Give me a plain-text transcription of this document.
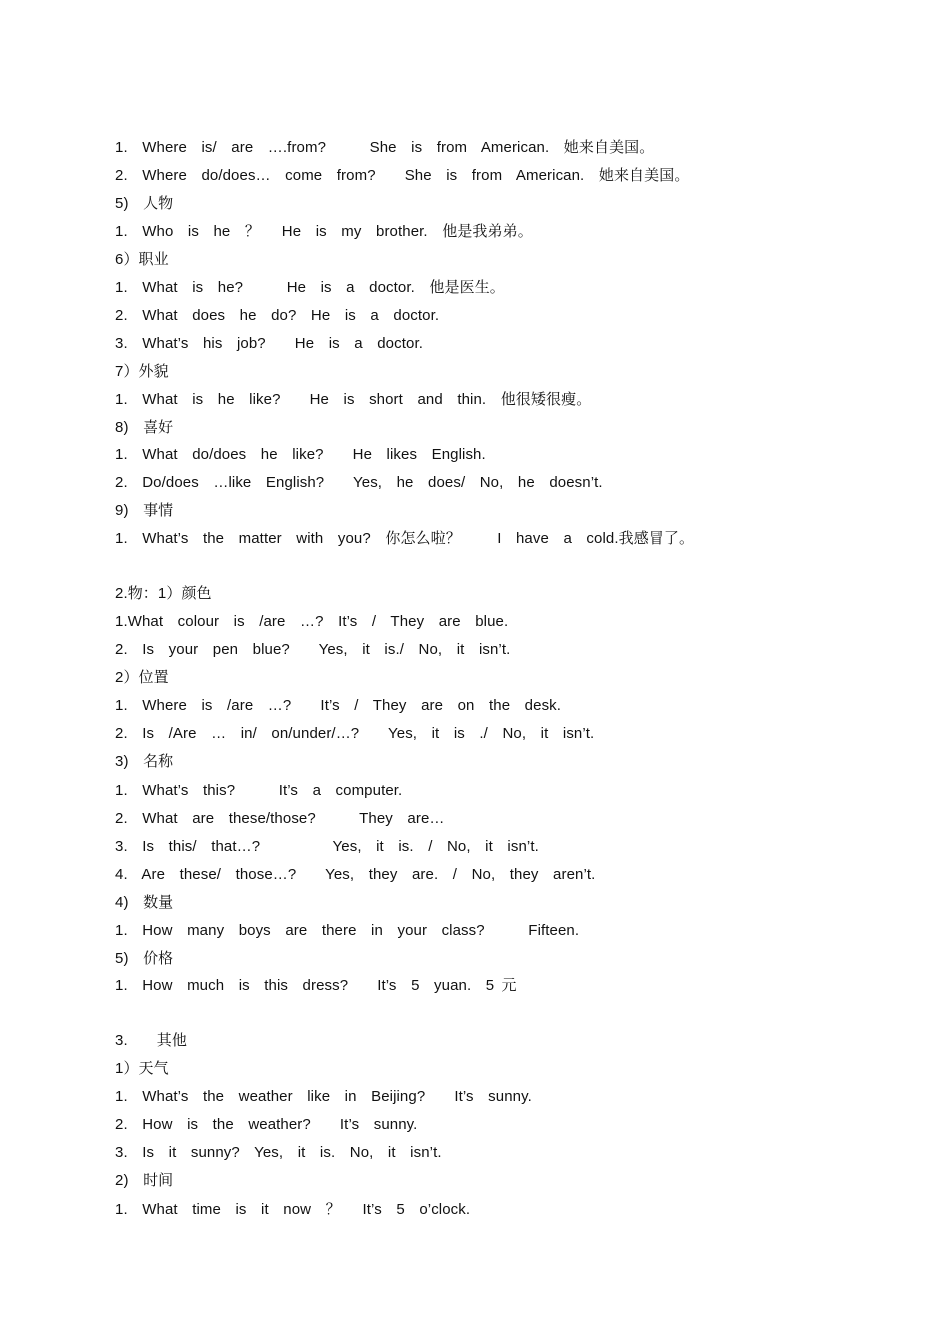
1.  Where  is/  are  ….from?      She  is  from  American.  她来自美国。
2.  Where  do/does…  come  from?    She  is  from  American.  她来自美国。
5)  人物
1.  Who  is  he  ？   He  is  my  brother.  他是我弟弟。
6）职业
1.  What  is  he?      He  is  a  doctor.  他是医生。
2.  What  does  he  do?  He  is  a  doctor.
3.  What’s  his  job?    He  is  a  doctor.
7）外貌
1.  What  is  he  like?    He  is  short  and  thin.  他很矮很瘦。
8)  喜好
1.  What  do/does  he  like?    He  likes  English.
2.  Do/does  …like  English?    Yes,  he  does/  No,  he  doesn’t.
9)  事情
1.  What’s  the  matter  with  you?  你怎么啦？     I  have  a  cold.我感冒了。
2.物：1）颜色
1.What  colour  is  /are  …?  It’s  /  They  are  blue.
2.  Is  your  pen  blue?    Yes,  it  is./  No,  it  isn’t.
2）位置
1.  Where  is  /are  …?    It’s  /  They  are  on  the  desk.
2.  Is  /Are  …  in/  on/under/…?    Yes,  it  is  ./  No,  it  isn’t.
3)  名称
1.  What’s  this?      It’s  a  computer.
2.  What  are  these/those?      They  are…
3.  Is  this/  that…?          Yes,  it  is.  /  No,  it  isn’t.
4.  Are  these/  those…?    Yes,  they  are.  /  No,  they  aren’t.
4)  数量
1.  How  many  boys  are  there  in  your  class?      Fifteen.
5)  价格
1.  How  much  is  this  dress?    It’s  5  yuan.  5 元
3.    其他
1）天气
1.  What’s  the  weather  like  in  Beijing?    It’s  sunny.
2.  How  is  the  weather?    It’s  sunny.
3.  Is  it  sunny?  Yes,  it  is.  No,  it  isn’t.
2)  时间
1.  What  time  is  it  now  ？   It’s  5  o’clock.
